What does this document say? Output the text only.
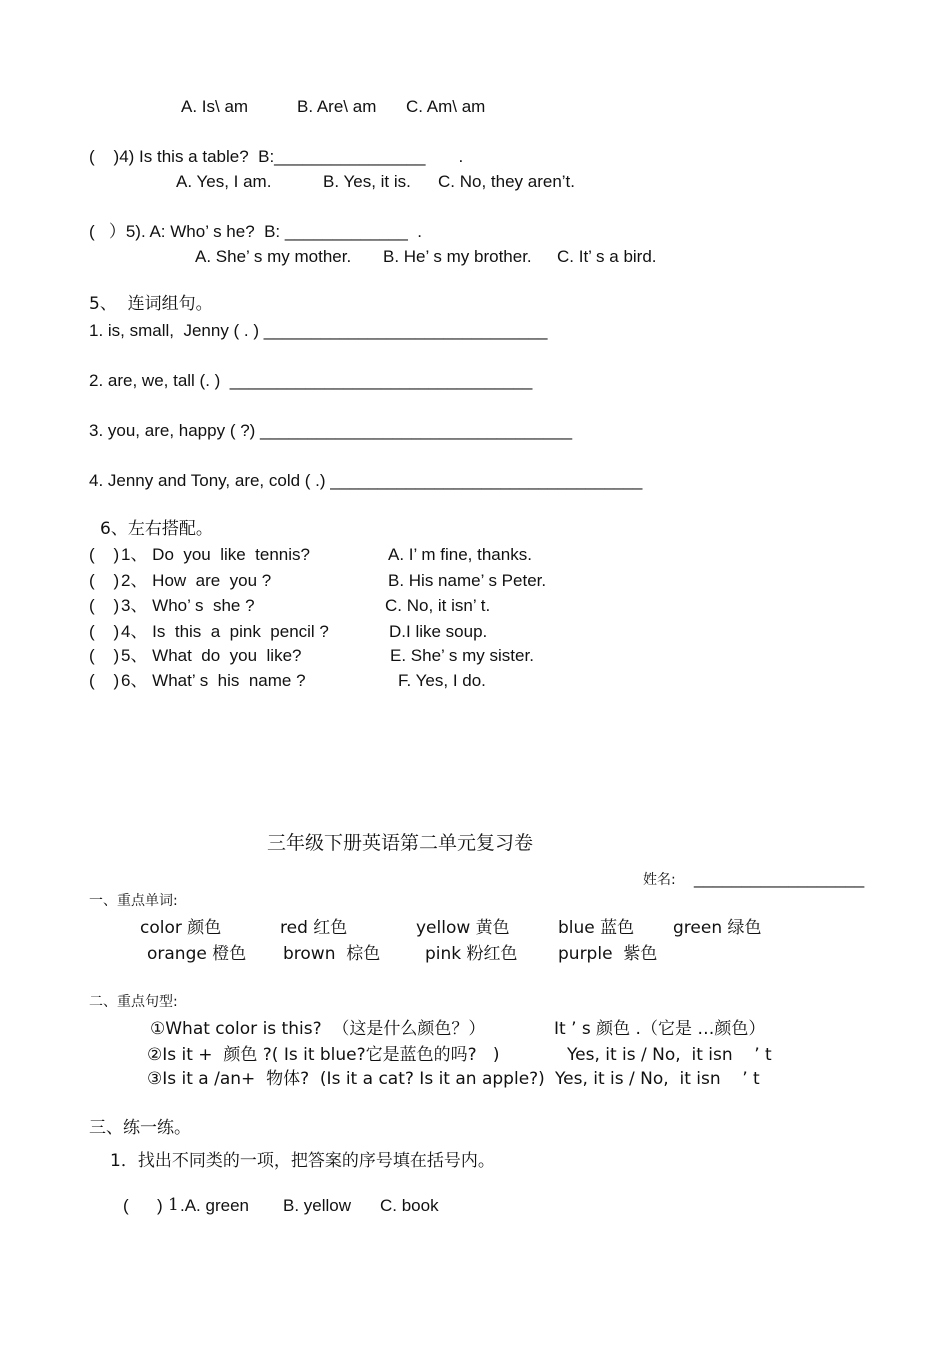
A. Is\ am	B. Are\ am C. Am\ am
(    )4) Is this a table?  B:________________       .
A. Yes, I am.	B. Yes, it is. C. No, they aren’t.
(   ）5). A: Who’ s he?  B: _____________  .
A. She’ s my mother. B. He’ s my brother. C. It’ s a bird.
5、  连词组句。
1. is, small,  Jenny ( . ) ______________________________
2. are, we, tall (. )  ________________________________
3. you, are, happy ( ?) _________________________________
4. Jenny and Tony, are, cold ( .) _________________________________
6、左右搭配。
(    ) 1、 Do  you  like  tennis?	A. I’ m fine, thanks.
(    ) 2、 How  are  you ?	B. His name’ s Peter.
(    ) 3、 Who’ s  she ?	C. No, it isn’ t.
(    ) 4、 Is  this  a  pink  pencil ?	D.I like soup.
(    ) 5、 What  do  you  like?	E. She’ s my sister.
(    ) 6、 What’ s  his  name ?	F. Yes, I do.
三年级下册英语第二单元复习卷
姓名: __________________
一、重点单词:
color 颜色	red 红色	yellow 黄色	blue 蓝色 green 绿色
orange 橙色 brown  棕色	pink 粉红色 purple  紫色
二、重点句型:
①What color is this?  （这是什么颜色？）	It ’ s 颜色 .（它是 …颜色）
②Is it +  颜色 ?( Is it blue?它是蓝色的吗?   )	Yes, it is / No,  it isn    ’ t
③Is it a /an+  物体?  (Is it a cat? Is it an apple?) Yes, it is / No,  it isn    ’ t
三、练一练。
1．找出不同类的一项，把答案的序号填在括号内。
(      ) 1 .A. green B. yellow C. book
